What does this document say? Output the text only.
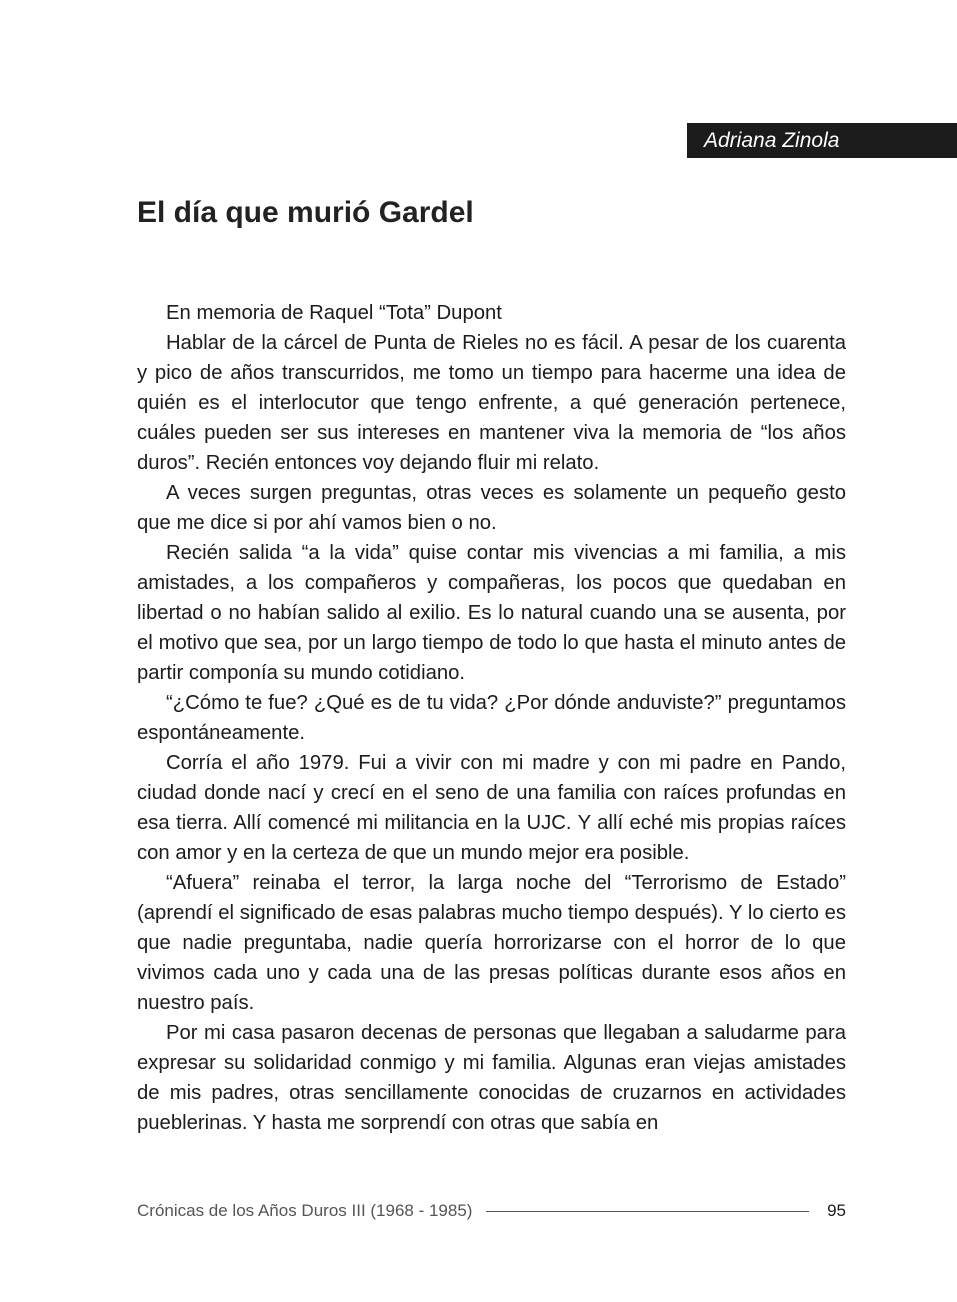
Adriana Zinola
El día que murió Gardel

En memoria de Raquel “Tota” Dupont

Hablar de la cárcel de Punta de Rieles no es fácil. A pesar de los cuarenta y pico de años transcurridos, me tomo un tiempo para hacerme una idea de quién es el interlocutor que tengo enfrente, a qué generación pertenece, cuáles pueden ser sus intereses en mantener viva la memoria de “los años duros”. Recién entonces voy dejando fluir mi relato.

A veces surgen preguntas, otras veces es solamente un pequeño gesto que me dice si por ahí vamos bien o no.

Recién salida “a la vida” quise contar mis vivencias a mi familia, a mis amistades, a los compañeros y compañeras, los pocos que quedaban en libertad o no habían salido al exilio. Es lo natural cuando una se ausenta, por el motivo que sea, por un largo tiempo de todo lo que hasta el minuto antes de partir componía su mundo cotidiano.

“¿Cómo te fue? ¿Qué es de tu vida? ¿Por dónde anduviste?” preguntamos espontáneamente.

Corría el año 1979. Fui a vivir con mi madre y con mi padre en Pando, ciudad donde nací y crecí en el seno de una familia con raíces profundas en esa tierra. Allí comencé mi militancia en la UJC. Y allí eché mis propias raíces con amor y en la certeza de que un mundo mejor era posible.

“Afuera” reinaba el terror, la larga noche del “Terrorismo de Estado” (aprendí el significado de esas palabras mucho tiempo después). Y lo cierto es que nadie preguntaba, nadie quería horrorizarse con el horror de lo que vivimos cada uno y cada una de las presas políticas durante esos años en nuestro país.

Por mi casa pasaron decenas de personas que llegaban a saludarme para expresar su solidaridad conmigo y mi familia. Algunas eran viejas amistades de mis padres, otras sencillamente conocidas de cruzarnos en actividades pueblerinas. Y hasta me sorprendí con otras que sabía en

Crónicas de los Años Duros III (1968 - 1985)	95
